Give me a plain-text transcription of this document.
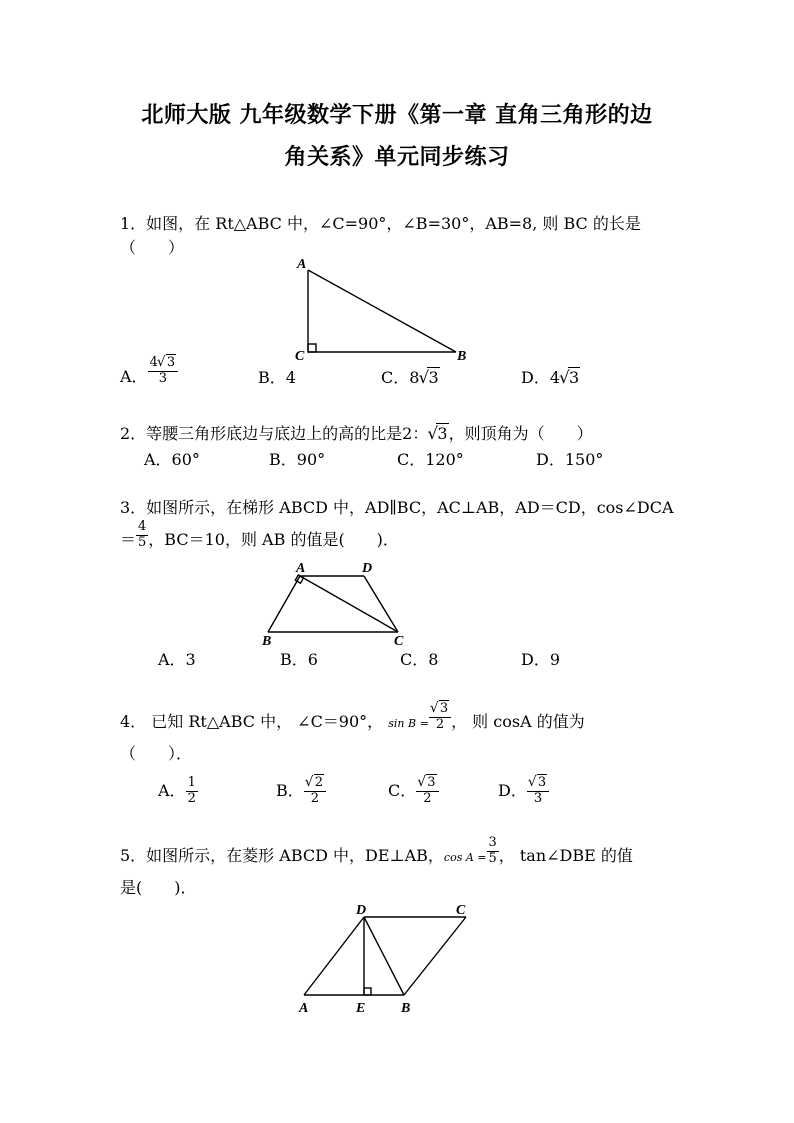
北师大版 九年级数学下册《第一章 直角三角形的边
角关系》单元同步练习
1．如图，在 Rt△ABC 中，∠C=90°，∠B=30°，AB=8, 则 BC 的长是
（　　）
A
C	B
A	D
B	C
D	C
A	E	B
A． $\frac{4 √ 3}{3}$	B．4	C．8 √ 3	D．4 √ 3
2．等腰三角形底边与底边上的高的比是2： √ 3，则顶角为（　　）
A．60°	B．90°	C．120°	D．150°
3．如图所示，在梯形 ABCD 中，AD∥BC，AC⊥AB，AD＝CD，cos∠DCA
＝ $\frac{4}{5}$ ，BC＝10，则 AB 的值是(　　)．
A．3	B．6	C．8	D．9
4． 已知 Rt△ABC 中， ∠C＝90°， sin B = √ $\frac{3}{2}$ ， 则 cosA 的值为
（　　）．
A． $\frac{1}{2}$	B． √ $\frac{2}{2}$	C． √ $\frac{3}{2}$	D． √ $\frac{3}{3}$
5．如图所示，在菱形 ABCD 中，DE⊥AB，$\cos A = \frac{3}{5}$ ， tan∠DBE 的值
是(　　)．
